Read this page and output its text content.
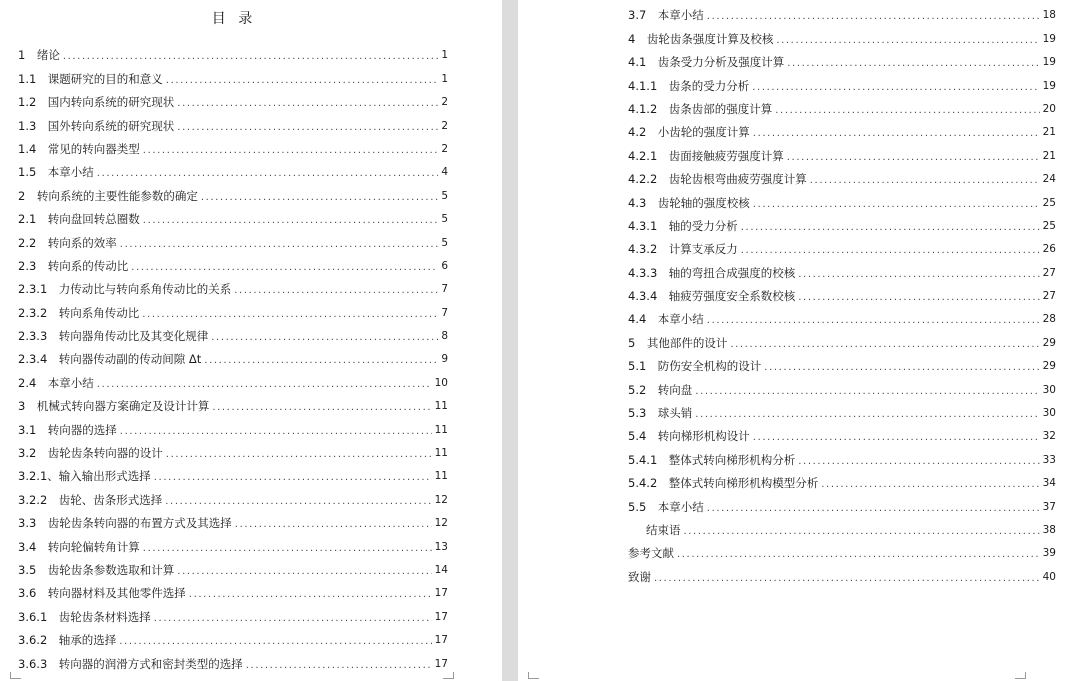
目 录
1　绪论 .....	1
1.1　课题研究的目的和意义 .....	1
1.2　国内转向系统的研究现状 .....	2
1.3　国外转向系统的研究现状 .....	2
1.4　常见的转向器类型 .....	2
1.5　本章小结 .....	4
2　转向系统的主要性能参数的确定 .....	5
2.1　转向盘回转总圈数 .....	5
2.2　转向系的效率 .....	5
2.3　转向系的传动比 .....	6
2.3.1　力传动比与转向系角传动比的关系 .....	7
2.3.2　转向系角传动比 .....	7
2.3.3　转向器角传动比及其变化规律 .....	8
2.3.4　转向器传动副的传动间隙 Δt .....	9
2.4　本章小结 .....	10
3　机械式转向器方案确定及设计计算 .....	11
3.1　转向器的选择 .....	11
3.2　齿轮齿条转向器的设计 .....	11
3.2.1、输入输出形式选择 .....	11
3.2.2　齿轮、齿条形式选择 .....	12
3.3　齿轮齿条转向器的布置方式及其选择 .....	12
3.4　转向轮偏转角计算 .....	13
3.5　齿轮齿条参数选取和计算 .....	14
3.6　转向器材料及其他零件选择 .....	17
3.6.1　齿轮齿条材料选择 .....	17
3.6.2　轴承的选择 .....	17
3.6.3　转向器的润滑方式和密封类型的选择 .....	17
3.7　本章小结 .....	18
4　齿轮齿条强度计算及校核 .....	19
4.1　齿条受力分析及强度计算 .....	19
4.1.1　齿条的受力分析 .....	19
4.1.2　齿条齿部的强度计算 .....	20
4.2　小齿轮的强度计算 .....	21
4.2.1　齿面接触疲劳强度计算 .....	21
4.2.2　齿轮齿根弯曲疲劳强度计算 .....	24
4.3　齿轮轴的强度校核 .....	25
4.3.1　轴的受力分析 .....	25
4.3.2　计算支承反力 .....	26
4.3.3　轴的弯扭合成强度的校核 .....	27
4.3.4　轴疲劳强度安全系数校核 .....	27
4.4　本章小结 .....	28
5　其他部件的设计 .....	29
5.1　防伤安全机构的设计 .....	29
5.2　转向盘 .....	30
5.3　球头销 .....	30
5.4　转向梯形机构设计 .....	32
5.4.1　整体式转向梯形机构分析 .....	33
5.4.2　整体式转向梯形机构模型分析 .....	34
5.5　本章小结 .....	37
结束语 .....	38
参考文献 .....	39
致谢 .....	40
